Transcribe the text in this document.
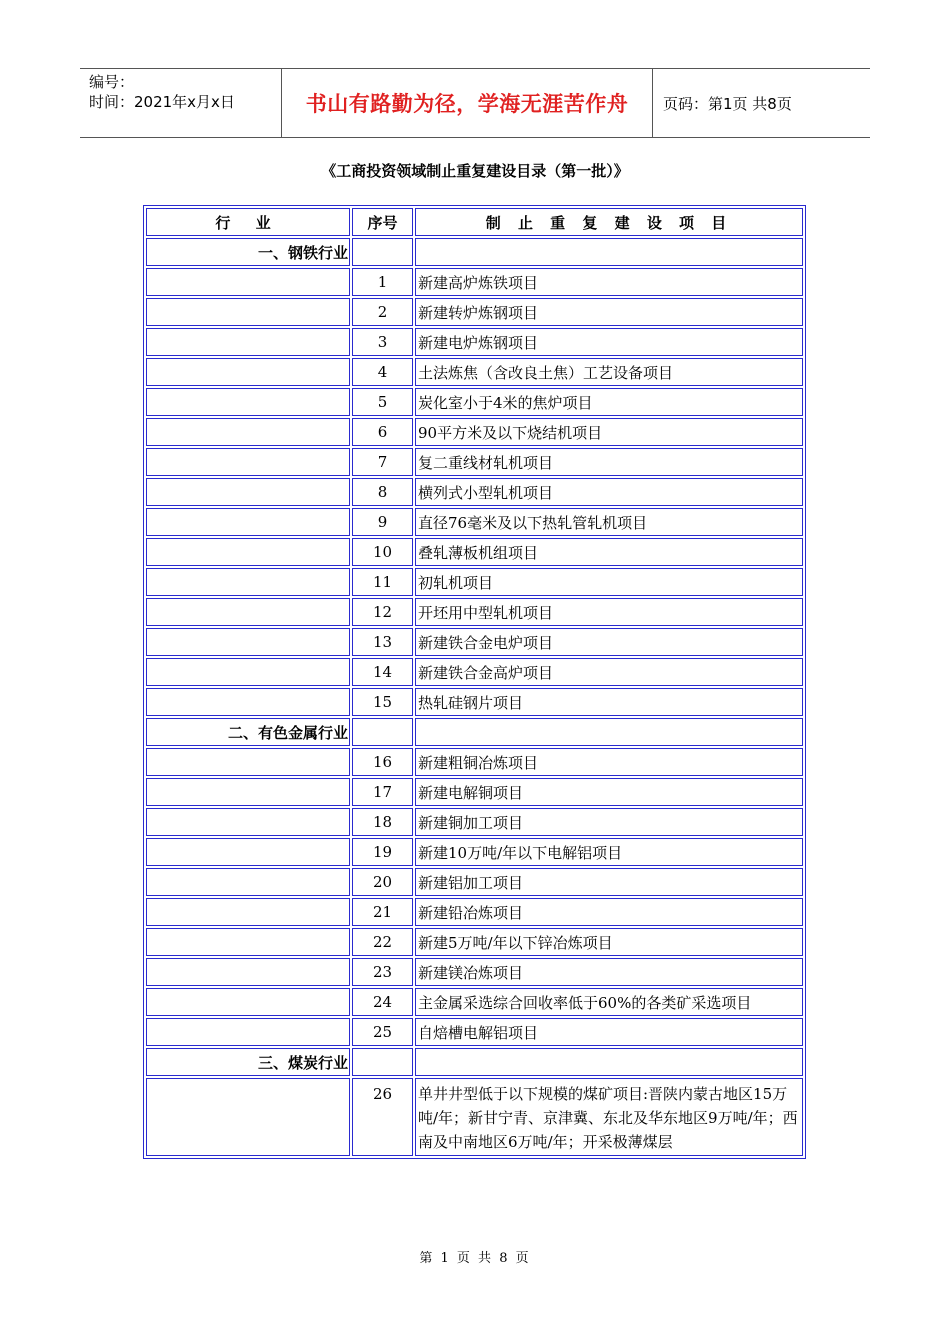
编号：
时间：2021年x月x日	书山有路勤为径，学海无涯苦作舟	页码：第1页 共8页
《工商投资领域制止重复建设目录（第一批）》
行 业	序号	制 止 重 复 建 设 项 目
一、钢铁行业		
	1	新建高炉炼铁项目
	2	新建转炉炼钢项目
	3	新建电炉炼钢项目
	4	土法炼焦（含改良土焦）工艺设备项目
	5	炭化室小于4米的焦炉项目
	6	90平方米及以下烧结机项目
	7	复二重线材轧机项目
	8	横列式小型轧机项目
	9	直径76毫米及以下热轧管轧机项目
	10	叠轧薄板机组项目
	11	初轧机项目
	12	开坯用中型轧机项目
	13	新建铁合金电炉项目
	14	新建铁合金高炉项目
	15	热轧硅钢片项目
二、有色金属行业		
	16	新建粗铜冶炼项目
	17	新建电解铜项目
	18	新建铜加工项目
	19	新建10万吨/年以下电解铝项目
	20	新建铝加工项目
	21	新建铅冶炼项目
	22	新建5万吨/年以下锌冶炼项目
	23	新建镁冶炼项目
	24	主金属采选综合回收率低于60%的各类矿采选项目
	25	自焙槽电解铝项目
三、煤炭行业		
	26	单井井型低于以下规模的煤矿项目:晋陕内蒙古地区15万吨/年；新甘宁青、京津冀、东北及华东地区9万吨/年；西南及中南地区6万吨/年；开采极薄煤层
第 1 页 共 8 页
